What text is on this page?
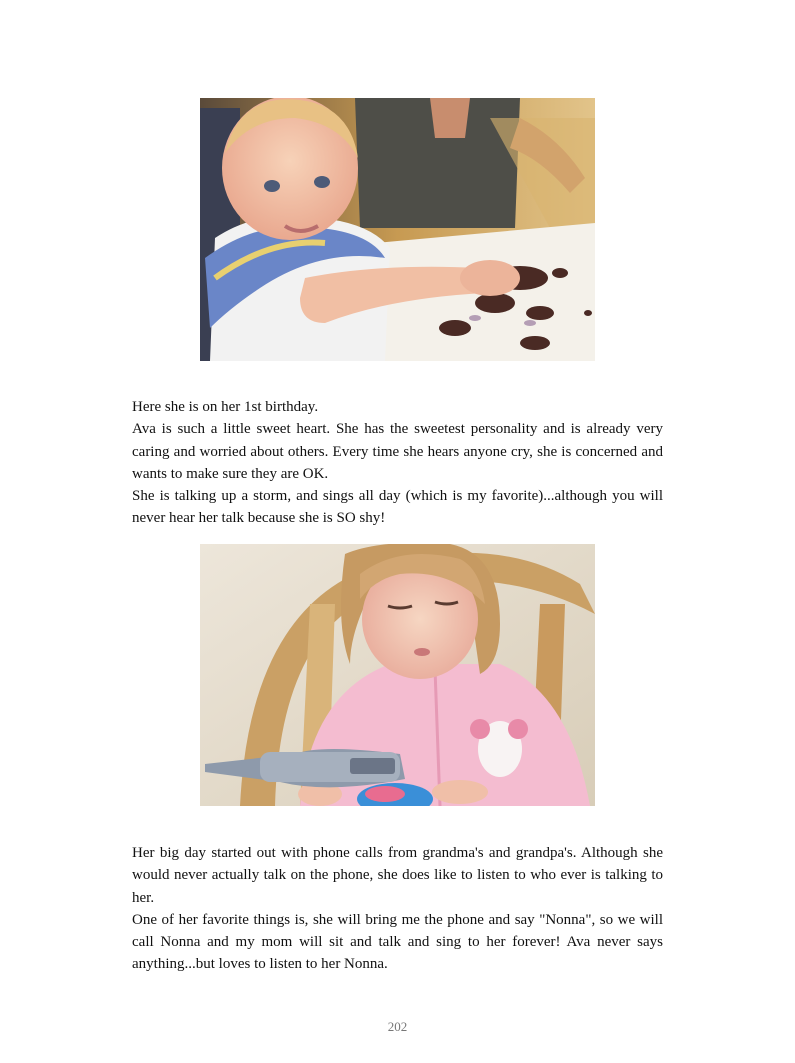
Here she is on her 1st birthday.

Ava is such a little sweet heart. She has the sweetest personality and is already very caring and worried about others. Every time she hears anyone cry, she is concerned and wants to make sure they are OK.

She is talking up a storm, and sings all day (which is my favorite)...although you will never hear her talk because she is SO shy!

Her big day started out with phone calls from grandma's and grandpa's. Although she would never actually talk on the phone, she does like to listen to who ever is talking to her.

One of her favorite things is, she will bring me the phone and say "Nonna", so we will call Nonna and my mom will sit and talk and sing to her forever! Ava never says anything...but loves to listen to her Nonna.

202
